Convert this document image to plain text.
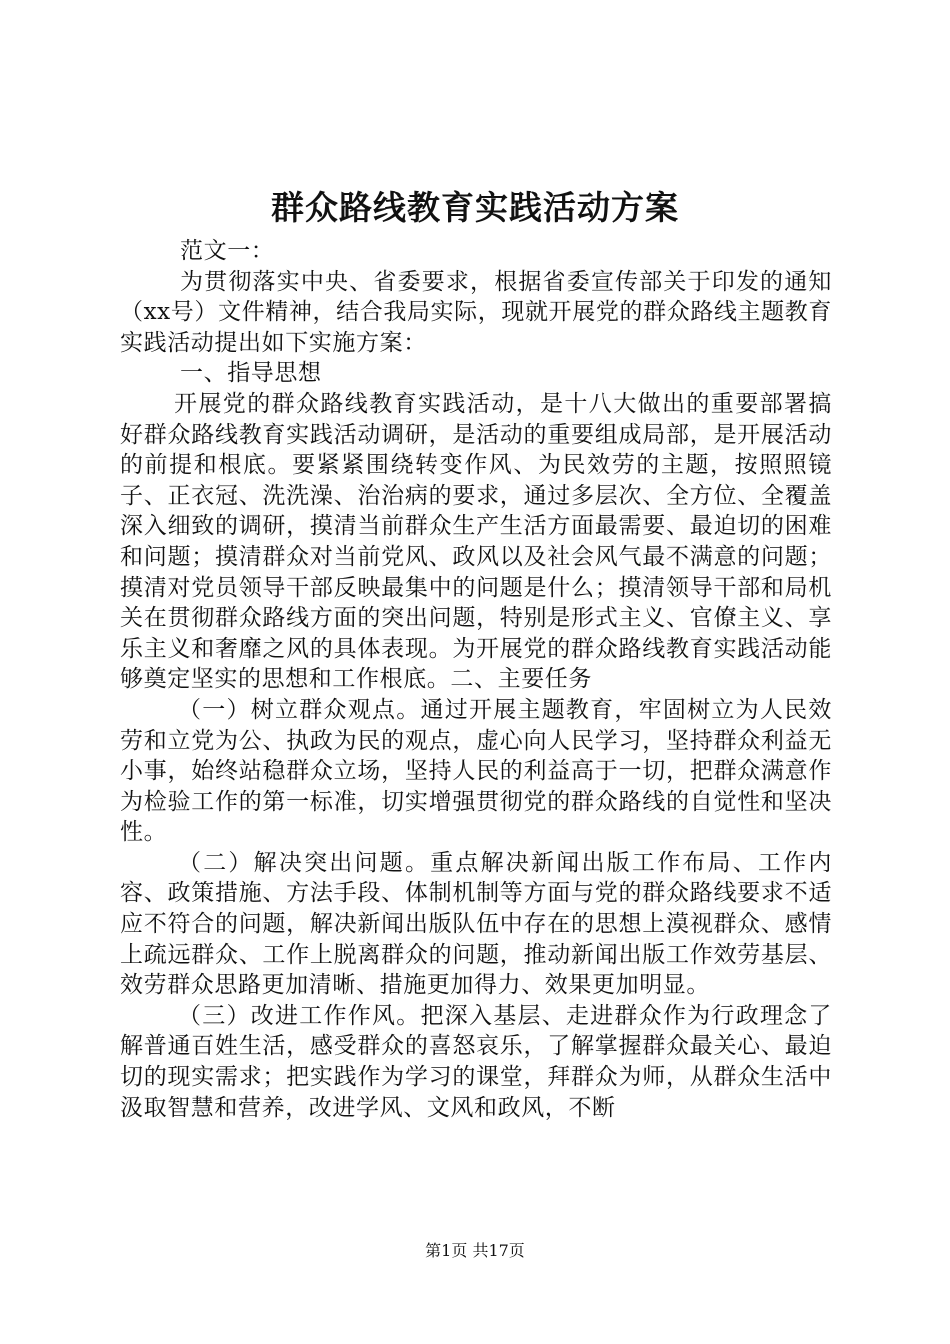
群众路线教育实践活动方案

范文一：

为贯彻落实中央、省委要求，根据省委宣传部关于印发的通知（xx号）文件精神，结合我局实际，现就开展党的群众路线主题教育实践活动提出如下实施方案：

一、指导思想

开展党的群众路线教育实践活动，是十八大做出的重要部署搞好群众路线教育实践活动调研，是活动的重要组成局部，是开展活动的前提和根底。要紧紧围绕转变作风、为民效劳的主题，按照照镜子、正衣冠、洗洗澡、治治病的要求，通过多层次、全方位、全覆盖深入细致的调研，摸清当前群众生产生活方面最需要、最迫切的困难和问题；摸清群众对当前党风、政风以及社会风气最不满意的问题；摸清对党员领导干部反映最集中的问题是什么；摸清领导干部和局机关在贯彻群众路线方面的突出问题，特别是形式主义、官僚主义、享乐主义和奢靡之风的具体表现。为开展党的群众路线教育实践活动能够奠定坚实的思想和工作根底。二、主要任务

（一）树立群众观点。通过开展主题教育，牢固树立为人民效劳和立党为公、执政为民的观点，虚心向人民学习，坚持群众利益无小事，始终站稳群众立场，坚持人民的利益高于一切，把群众满意作为检验工作的第一标准，切实增强贯彻党的群众路线的自觉性和坚决性。

（二）解决突出问题。重点解决新闻出版工作布局、工作内容、政策措施、方法手段、体制机制等方面与党的群众路线要求不适应不符合的问题，解决新闻出版队伍中存在的思想上漠视群众、感情上疏远群众、工作上脱离群众的问题，推动新闻出版工作效劳基层、效劳群众思路更加清晰、措施更加得力、效果更加明显。

（三）改进工作作风。把深入基层、走进群众作为行政理念了解普通百姓生活，感受群众的喜怒哀乐，了解掌握群众最关心、最迫切的现实需求；把实践作为学习的课堂，拜群众为师，从群众生活中汲取智慧和营养，改进学风、文风和政风，不断

第1页 共17页
